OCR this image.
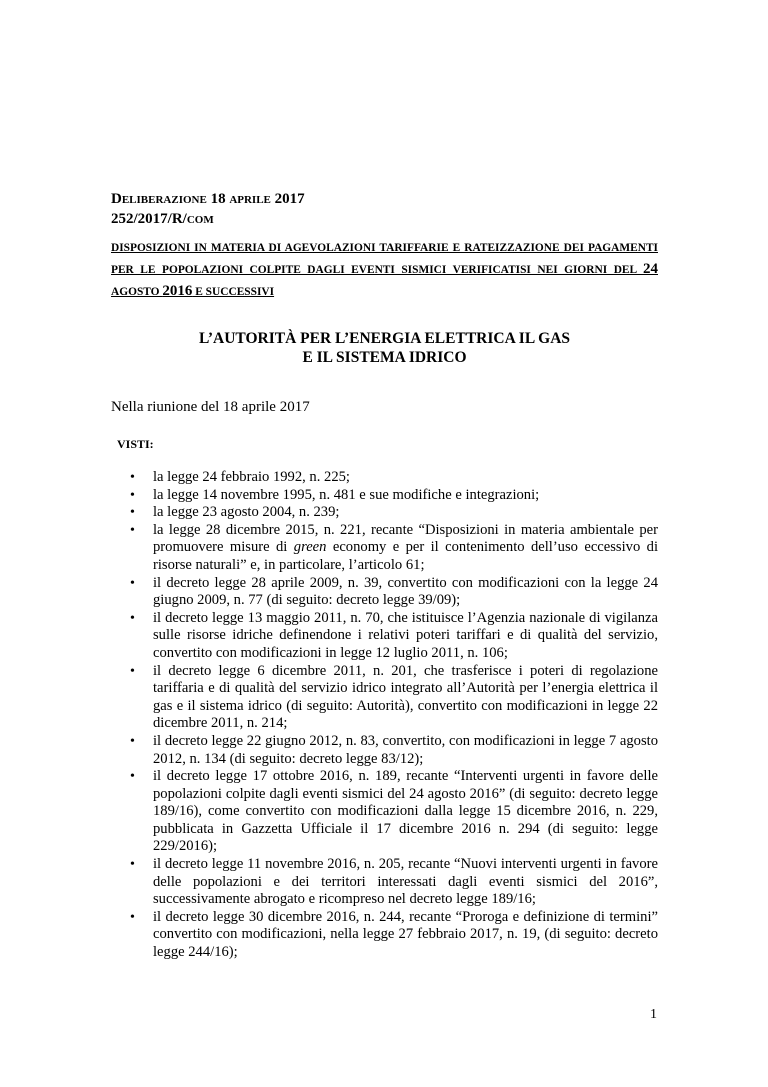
DELIBERAZIONE 18 APRILE 2017
252/2017/R/COM
DISPOSIZIONI IN MATERIA DI AGEVOLAZIONI TARIFFARIE E RATEIZZAZIONE DEI PAGAMENTI PER LE POPOLAZIONI COLPITE DAGLI EVENTI SISMICI VERIFICATISI NEI GIORNI DEL 24 AGOSTO 2016 E SUCCESSIVI
L’AUTORITÀ PER L’ENERGIA ELETTRICA IL GAS
E IL SISTEMA IDRICO
Nella riunione del 18 aprile 2017
VISTI:
• la legge 24 febbraio 1992, n. 225;
• la legge 14 novembre 1995, n. 481 e sue modifiche e integrazioni;
• la legge 23 agosto 2004, n. 239;
• la legge 28 dicembre 2015, n. 221, recante “Disposizioni in materia ambientale per promuovere misure di green economy e per il contenimento dell’uso eccessivo di risorse naturali” e, in particolare, l’articolo 61;
• il decreto legge 28 aprile 2009, n. 39, convertito con modificazioni con la legge 24 giugno 2009, n. 77 (di seguito: decreto legge 39/09);
• il decreto legge 13 maggio 2011, n. 70, che istituisce l’Agenzia nazionale di vigilanza sulle risorse idriche definendone i relativi poteri tariffari e di qualità del servizio, convertito con modificazioni in legge 12 luglio 2011, n. 106;
• il decreto legge 6 dicembre 2011, n. 201, che trasferisce i poteri di regolazione tariffaria e di qualità del servizio idrico integrato all’Autorità per l’energia elettrica il gas e il sistema idrico (di seguito: Autorità), convertito con modificazioni in legge 22 dicembre 2011, n. 214;
• il decreto legge 22 giugno 2012, n. 83, convertito, con modificazioni in legge 7 agosto 2012, n. 134 (di seguito: decreto legge 83/12);
• il decreto legge 17 ottobre 2016, n. 189, recante “Interventi urgenti in favore delle popolazioni colpite dagli eventi sismici del 24 agosto 2016” (di seguito: decreto legge 189/16), come convertito con modificazioni dalla legge 15 dicembre 2016, n. 229, pubblicata in Gazzetta Ufficiale il 17 dicembre 2016 n. 294 (di seguito: legge 229/2016);
• il decreto legge 11 novembre 2016, n. 205, recante “Nuovi interventi urgenti in favore delle popolazioni e dei territori interessati dagli eventi sismici del 2016”, successivamente abrogato e ricompreso nel decreto legge 189/16;
• il decreto legge 30 dicembre 2016, n. 244, recante “Proroga e definizione di termini” convertito con modificazioni, nella legge 27 febbraio 2017, n. 19, (di seguito: decreto legge 244/16);
1
